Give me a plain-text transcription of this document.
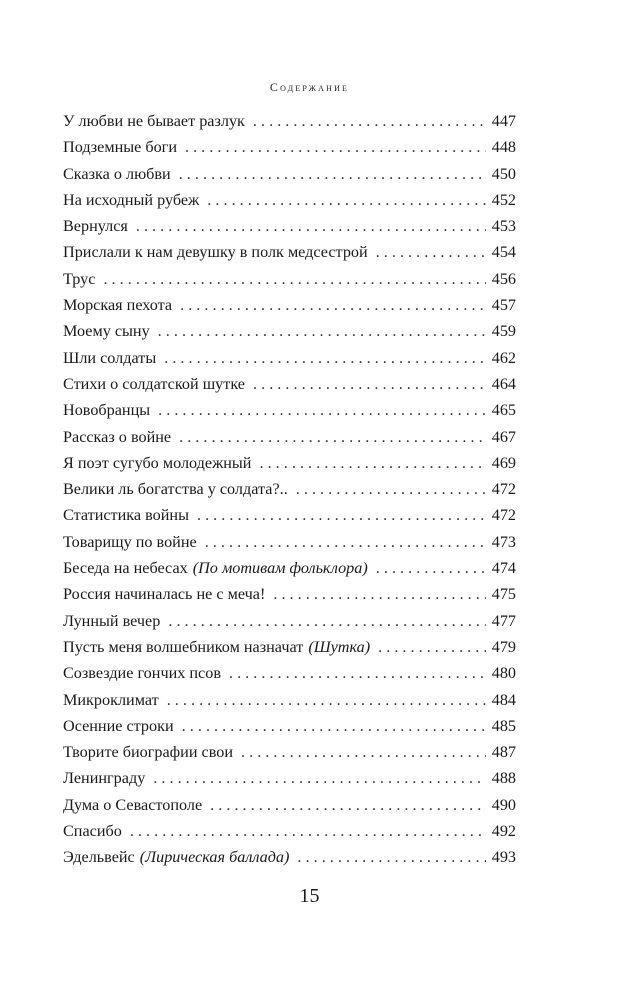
Содержание
У любви не бывает разлук . . .	447
Подземные боги . . .	448
Сказка о любви . . .	450
На исходный рубеж . . .	452
Вернулся . . .	453
Прислали к нам девушку в полк медсестрой . . .	454
Трус . . .	456
Морская пехота . . .	457
Моему сыну . . .	459
Шли солдаты . . .	462
Стихи о солдатской шутке . . .	464
Новобранцы . . .	465
Рассказ о войне . . .	467
Я поэт сугубо молодежный . . .	469
Велики ль богатства у солдата?.. . . .	472
Статистика войны . . .	472
Товарищу по войне . . .	473
Беседа на небесах (По мотивам фольклора) . . .	474
Россия начиналась не с меча! . . .	475
Лунный вечер . . .	477
Пусть меня волшебником назначат (Шутка) . . .	479
Созвездие гончих псов . . .	480
Микроклимат . . .	484
Осенние строки . . .	485
Творите биографии свои . . .	487
Ленинграду . . .	488
Дума о Севастополе . . .	490
Спасибо . . .	492
Эдельвейс (Лирическая баллада) . . .	493
15
